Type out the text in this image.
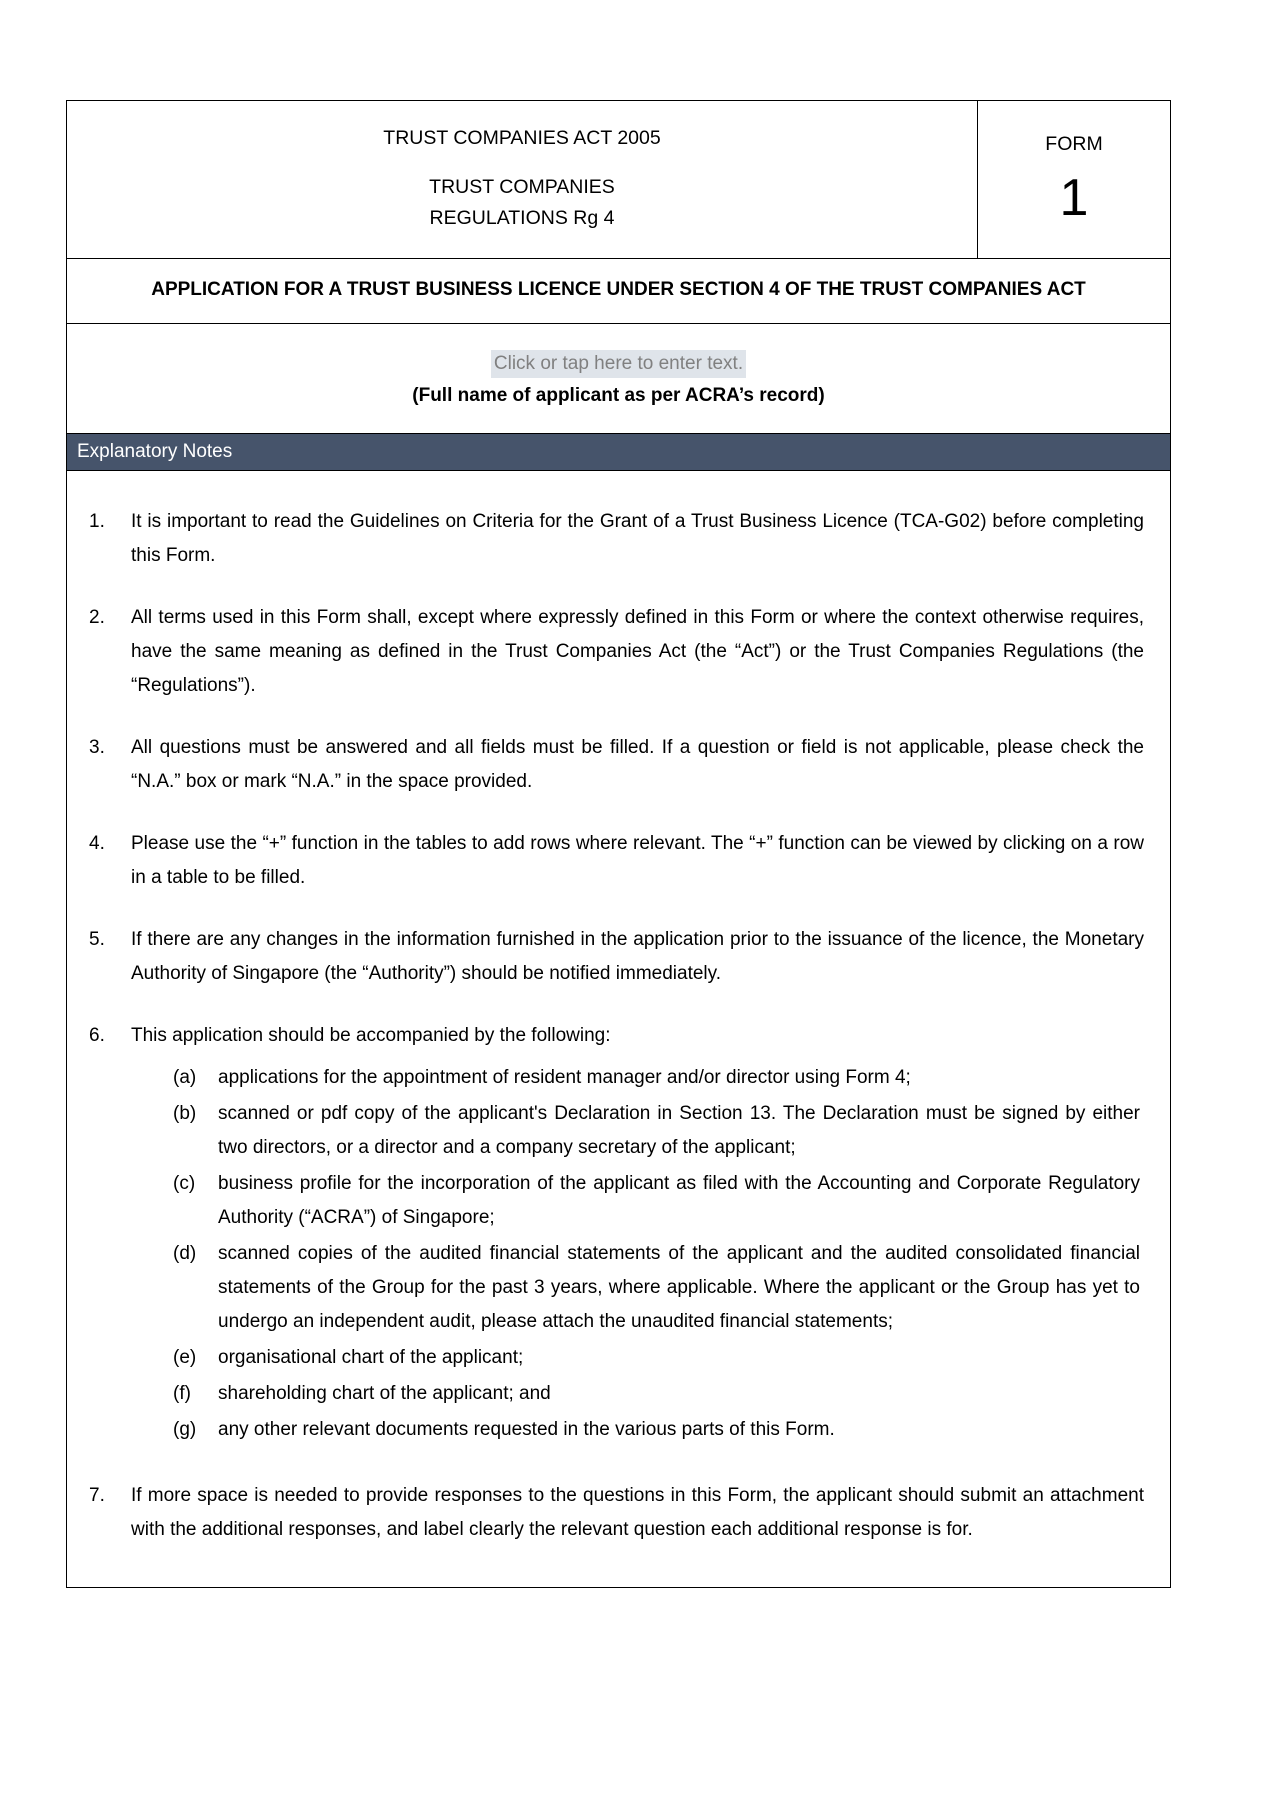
TRUST COMPANIES ACT 2005
TRUST COMPANIES
REGULATIONS Rg 4
FORM
1
APPLICATION FOR A TRUST BUSINESS LICENCE UNDER SECTION 4 OF THE TRUST COMPANIES ACT
Click or tap here to enter text.
(Full name of applicant as per ACRA’s record)
Explanatory Notes
1.	It is important to read the Guidelines on Criteria for the Grant of a Trust Business Licence (TCA-G02) before completing this Form.
2.	All terms used in this Form shall, except where expressly defined in this Form or where the context otherwise requires, have the same meaning as defined in the Trust Companies Act (the “Act”) or the Trust Companies Regulations (the “Regulations”).
3.	All questions must be answered and all fields must be filled. If a question or field is not applicable, please check the “N.A.” box or mark “N.A.” in the space provided.
4.	Please use the “+” function in the tables to add rows where relevant. The “+” function can be viewed by clicking on a row in a table to be filled.
5.	If there are any changes in the information furnished in the application prior to the issuance of the licence, the Monetary Authority of Singapore (the “Authority”) should be notified immediately.
6.	This application should be accompanied by the following:
(a)	applications for the appointment of resident manager and/or director using Form 4;
(b)	scanned or pdf copy of the applicant's Declaration in Section 13. The Declaration must be signed by either two directors, or a director and a company secretary of the applicant;
(c)	business profile for the incorporation of the applicant as filed with the Accounting and Corporate Regulatory Authority (“ACRA”) of Singapore;
(d)	scanned copies of the audited financial statements of the applicant and the audited consolidated financial statements of the Group for the past 3 years, where applicable. Where the applicant or the Group has yet to undergo an independent audit, please attach the unaudited financial statements;
(e)	organisational chart of the applicant;
(f)	shareholding chart of the applicant; and
(g)	any other relevant documents requested in the various parts of this Form.
7.	If more space is needed to provide responses to the questions in this Form, the applicant should submit an attachment with the additional responses, and label clearly the relevant question each additional response is for.
